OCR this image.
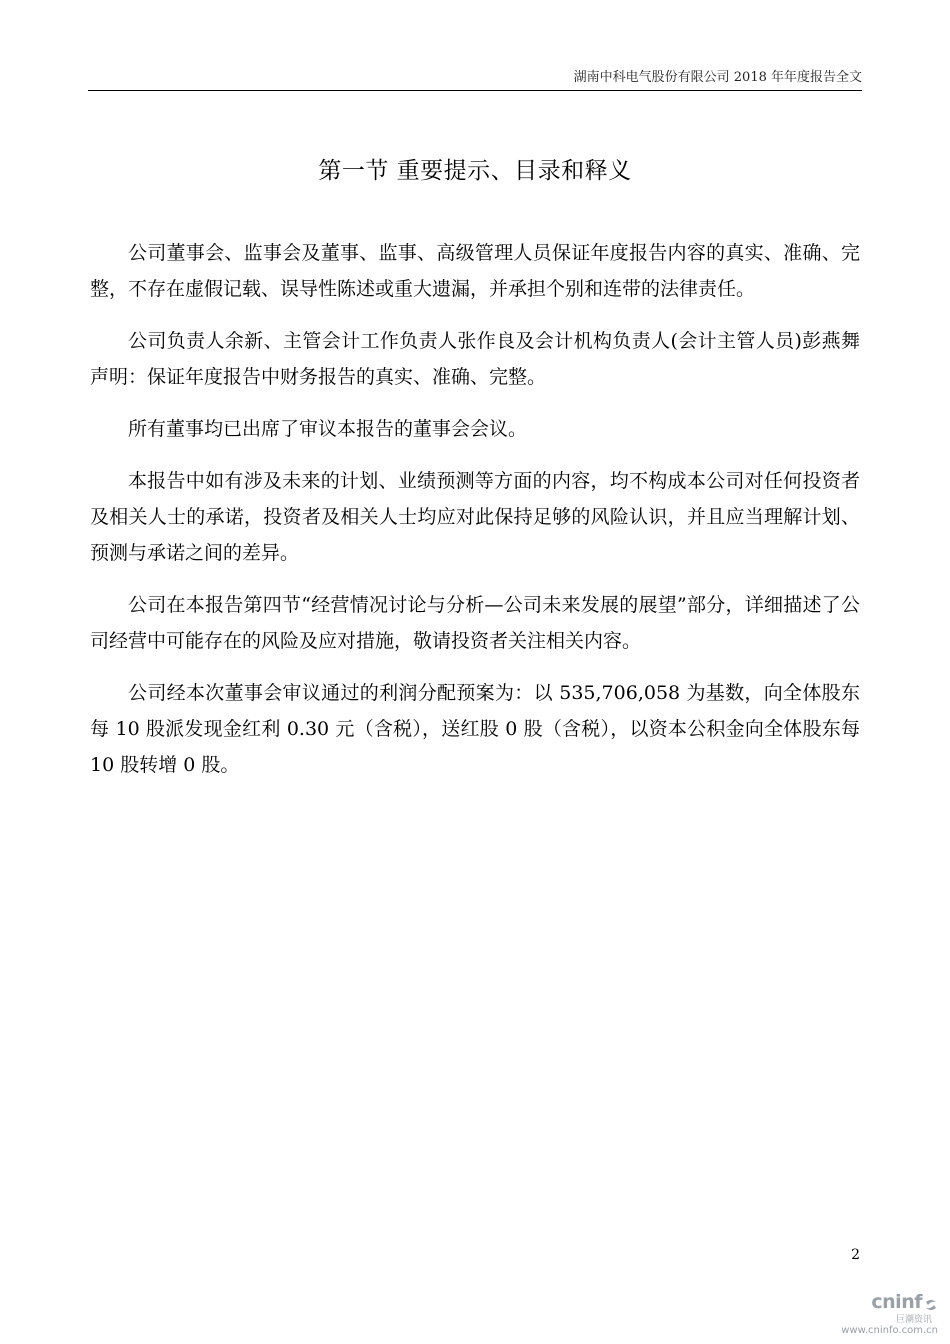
湖南中科电气股份有限公司 2018 年年度报告全文
第一节 重要提示、目录和释义

公司董事会、监事会及董事、监事、高级管理人员保证年度报告内容的真实、准确、完整，不存在虚假记载、误导性陈述或重大遗漏，并承担个别和连带的法律责任。

公司负责人余新、主管会计工作负责人张作良及会计机构负责人(会计主管人员)彭燕舞声明：保证年度报告中财务报告的真实、准确、完整。

所有董事均已出席了审议本报告的董事会会议。

本报告中如有涉及未来的计划、业绩预测等方面的内容，均不构成本公司对任何投资者及相关人士的承诺，投资者及相关人士均应对此保持足够的风险认识，并且应当理解计划、预测与承诺之间的差异。

公司在本报告第四节“经营情况讨论与分析—公司未来发展的展望”部分，详细描述了公司经营中可能存在的风险及应对措施，敬请投资者关注相关内容。

公司经本次董事会审议通过的利润分配预案为：以 535,706,058 为基数，向全体股东每 10 股派发现金红利 0.30 元（含税），送红股 0 股（含税），以资本公积金向全体股东每 10 股转增 0 股。

2
cninf
巨潮资讯
www.cninfo.com.cn
